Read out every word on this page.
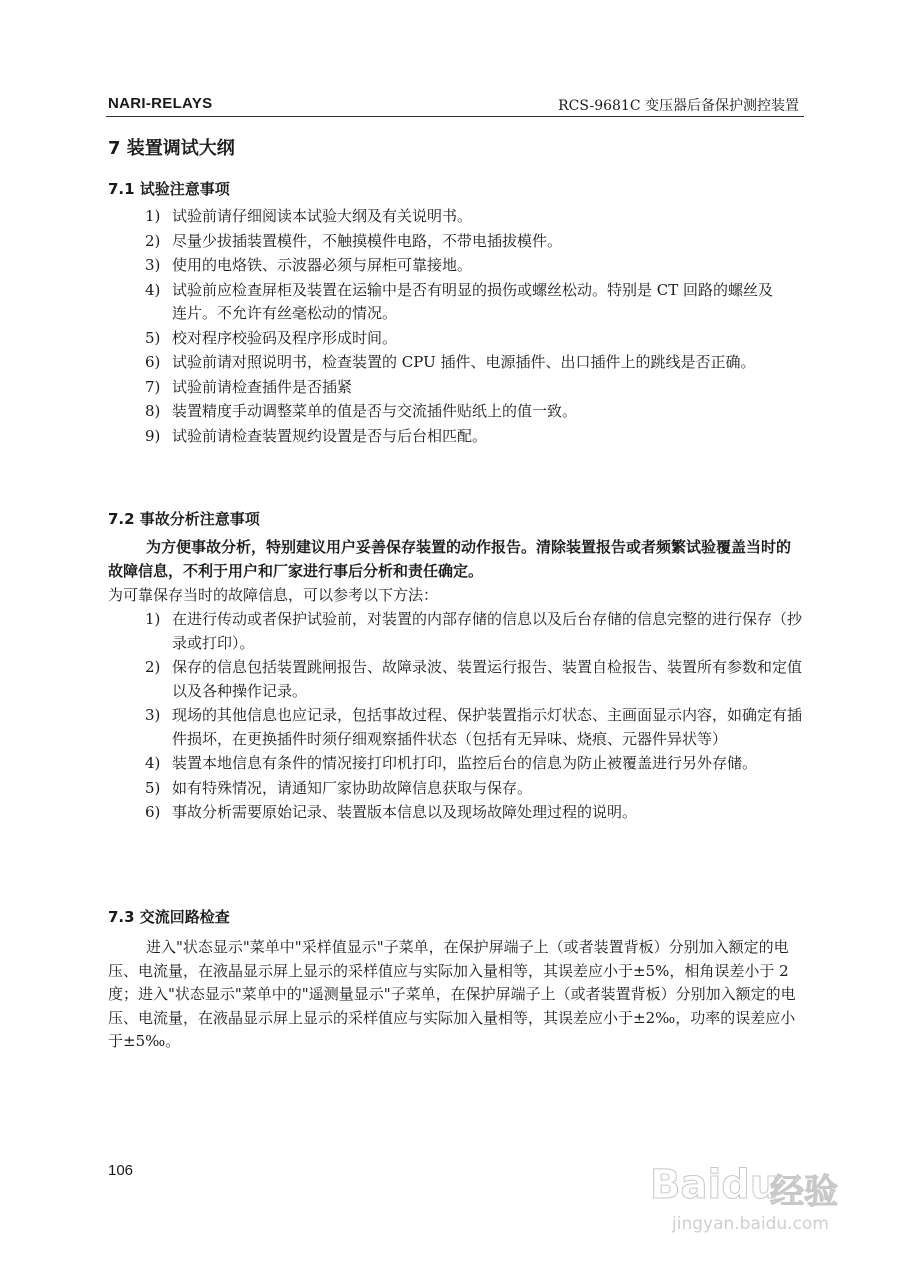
NARI-RELAYS	RCS-9681C 变压器后备保护测控装置
7 装置调试大纲
7.1 试验注意事项
1) 试验前请仔细阅读本试验大纲及有关说明书。
2) 尽量少拔插装置模件，不触摸模件电路，不带电插拔模件。
3) 使用的电烙铁、示波器必须与屏柜可靠接地。
4) 试验前应检查屏柜及装置在运输中是否有明显的损伤或螺丝松动。特别是 CT 回路的螺丝及连片。不允许有丝毫松动的情况。
5) 校对程序校验码及程序形成时间。
6) 试验前请对照说明书，检查装置的 CPU 插件、电源插件、出口插件上的跳线是否正确。
7) 试验前请检查插件是否插紧
8) 装置精度手动调整菜单的值是否与交流插件贴纸上的值一致。
9) 试验前请检查装置规约设置是否与后台相匹配。
7.2 事故分析注意事项

为方便事故分析，特别建议用户妥善保存装置的动作报告。清除装置报告或者频繁试验覆盖当时的故障信息，不利于用户和厂家进行事后分析和责任确定。

为可靠保存当时的故障信息，可以参考以下方法：

1) 在进行传动或者保护试验前，对装置的内部存储的信息以及后台存储的信息完整的进行保存（抄录或打印）。
2) 保存的信息包括装置跳闸报告、故障录波、装置运行报告、装置自检报告、装置所有参数和定值以及各种操作记录。
3) 现场的其他信息也应记录，包括事故过程、保护装置指示灯状态、主画面显示内容，如确定有插件损坏，在更换插件时须仔细观察插件状态（包括有无异味、烧痕、元器件异状等）
4) 装置本地信息有条件的情况接打印机打印，监控后台的信息为防止被覆盖进行另外存储。
5) 如有特殊情况，请通知厂家协助故障信息获取与保存。
6) 事故分析需要原始记录、装置版本信息以及现场故障处理过程的说明。
7.3 交流回路检查

进入"状态显示"菜单中"采样值显示"子菜单，在保护屏端子上（或者装置背板）分别加入额定的电压、电流量，在液晶显示屏上显示的采样值应与实际加入量相等，其误差应小于±5%，相角误差小于 2 度；进入"状态显示"菜单中的"遥测量显示"子菜单，在保护屏端子上（或者装置背板）分别加入额定的电压、电流量，在液晶显示屏上显示的采样值应与实际加入量相等，其误差应小于±2‰，功率的误差应小于±5‰。

106	Baidu
经验
jingyan.baidu.com
